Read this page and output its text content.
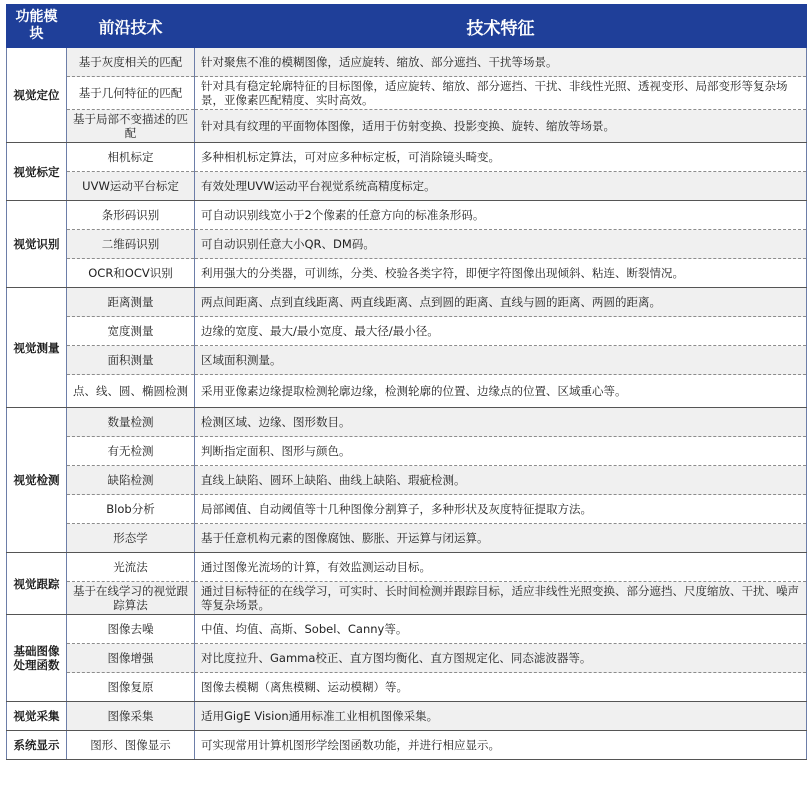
功能模块	前沿技术	技术特征
视觉定位	基于灰度相关的匹配	针对聚焦不准的模糊图像，适应旋转、缩放、部分遮挡、干扰等场景。
	基于几何特征的匹配	针对具有稳定轮廓特征的目标图像，适应旋转、缩放、部分遮挡、干扰、非线性光照、透视变形、局部变形等复杂场景，亚像素匹配精度、实时高效。
	基于局部不变描述的匹配	针对具有纹理的平面物体图像，适用于仿射变换、投影变换、旋转、缩放等场景。
视觉标定	相机标定	多种相机标定算法，可对应多种标定板，可消除镜头畸变。
	UVW运动平台标定	有效处理UVW运动平台视觉系统高精度标定。
视觉识别	条形码识别	可自动识别线宽小于2个像素的任意方向的标准条形码。
	二维码识别	可自动识别任意大小QR、DM码。
	OCR和OCV识别	利用强大的分类器，可训练，分类、校验各类字符，即便字符图像出现倾斜、粘连、断裂情况。
视觉测量	距离测量	两点间距离、点到直线距离、两直线距离、点到圆的距离、直线与圆的距离、两圆的距离。
	宽度测量	边缘的宽度、最大/最小宽度、最大径/最小径。
	面积测量	区域面积测量。
	点、线、圆、椭圆检测	采用亚像素边缘提取检测轮廓边缘，检测轮廓的位置、边缘点的位置、区域重心等。
视觉检测	数量检测	检测区域、边缘、图形数目。
	有无检测	判断指定面积、图形与颜色。
	缺陷检测	直线上缺陷、圆环上缺陷、曲线上缺陷、瑕疵检测。
	Blob分析	局部阈值、自动阈值等十几种图像分割算子，多种形状及灰度特征提取方法。
	形态学	基于任意机构元素的图像腐蚀、膨胀、开运算与闭运算。
视觉跟踪	光流法	通过图像光流场的计算，有效监测运动目标。
	基于在线学习的视觉跟踪算法	通过目标特征的在线学习，可实时、长时间检测并跟踪目标，适应非线性光照变换、部分遮挡、尺度缩放、干扰、噪声等复杂场景。
基础图像处理函数	图像去噪	中值、均值、高斯、Sobel、Canny等。
	图像增强	对比度拉升、Gamma校正、直方图均衡化、直方图规定化、同态滤波器等。
	图像复原	图像去模糊（离焦模糊、运动模糊）等。
视觉采集	图像采集	适用GigE Vision通用标准工业相机图像采集。
系统显示	图形、图像显示	可实现常用计算机图形学绘图函数功能，并进行相应显示。
